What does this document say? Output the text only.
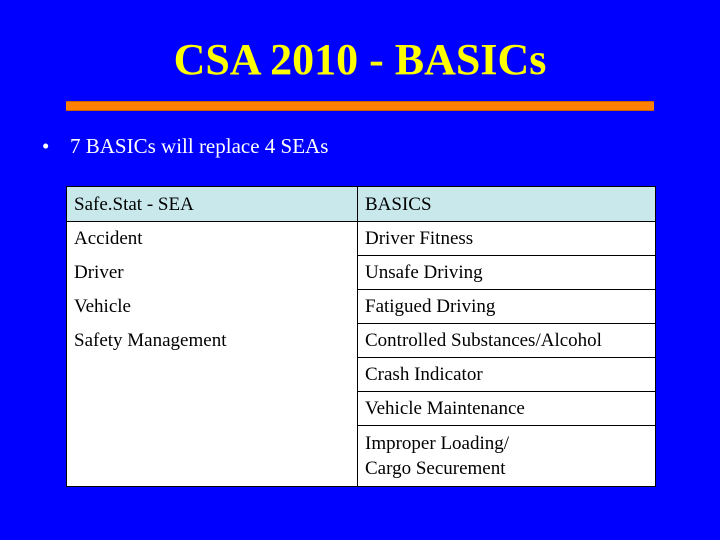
CSA 2010 - BASICs
• 7 BASICs will replace 4 SEAs
Safe.Stat - SEA	BASICS
Accident	Driver Fitness
Driver	Unsafe Driving
Vehicle	Fatigued Driving
Safety Management	Controlled Substances/Alcohol
	Crash Indicator
	Vehicle Maintenance
	Improper Loading/
Cargo Securement
